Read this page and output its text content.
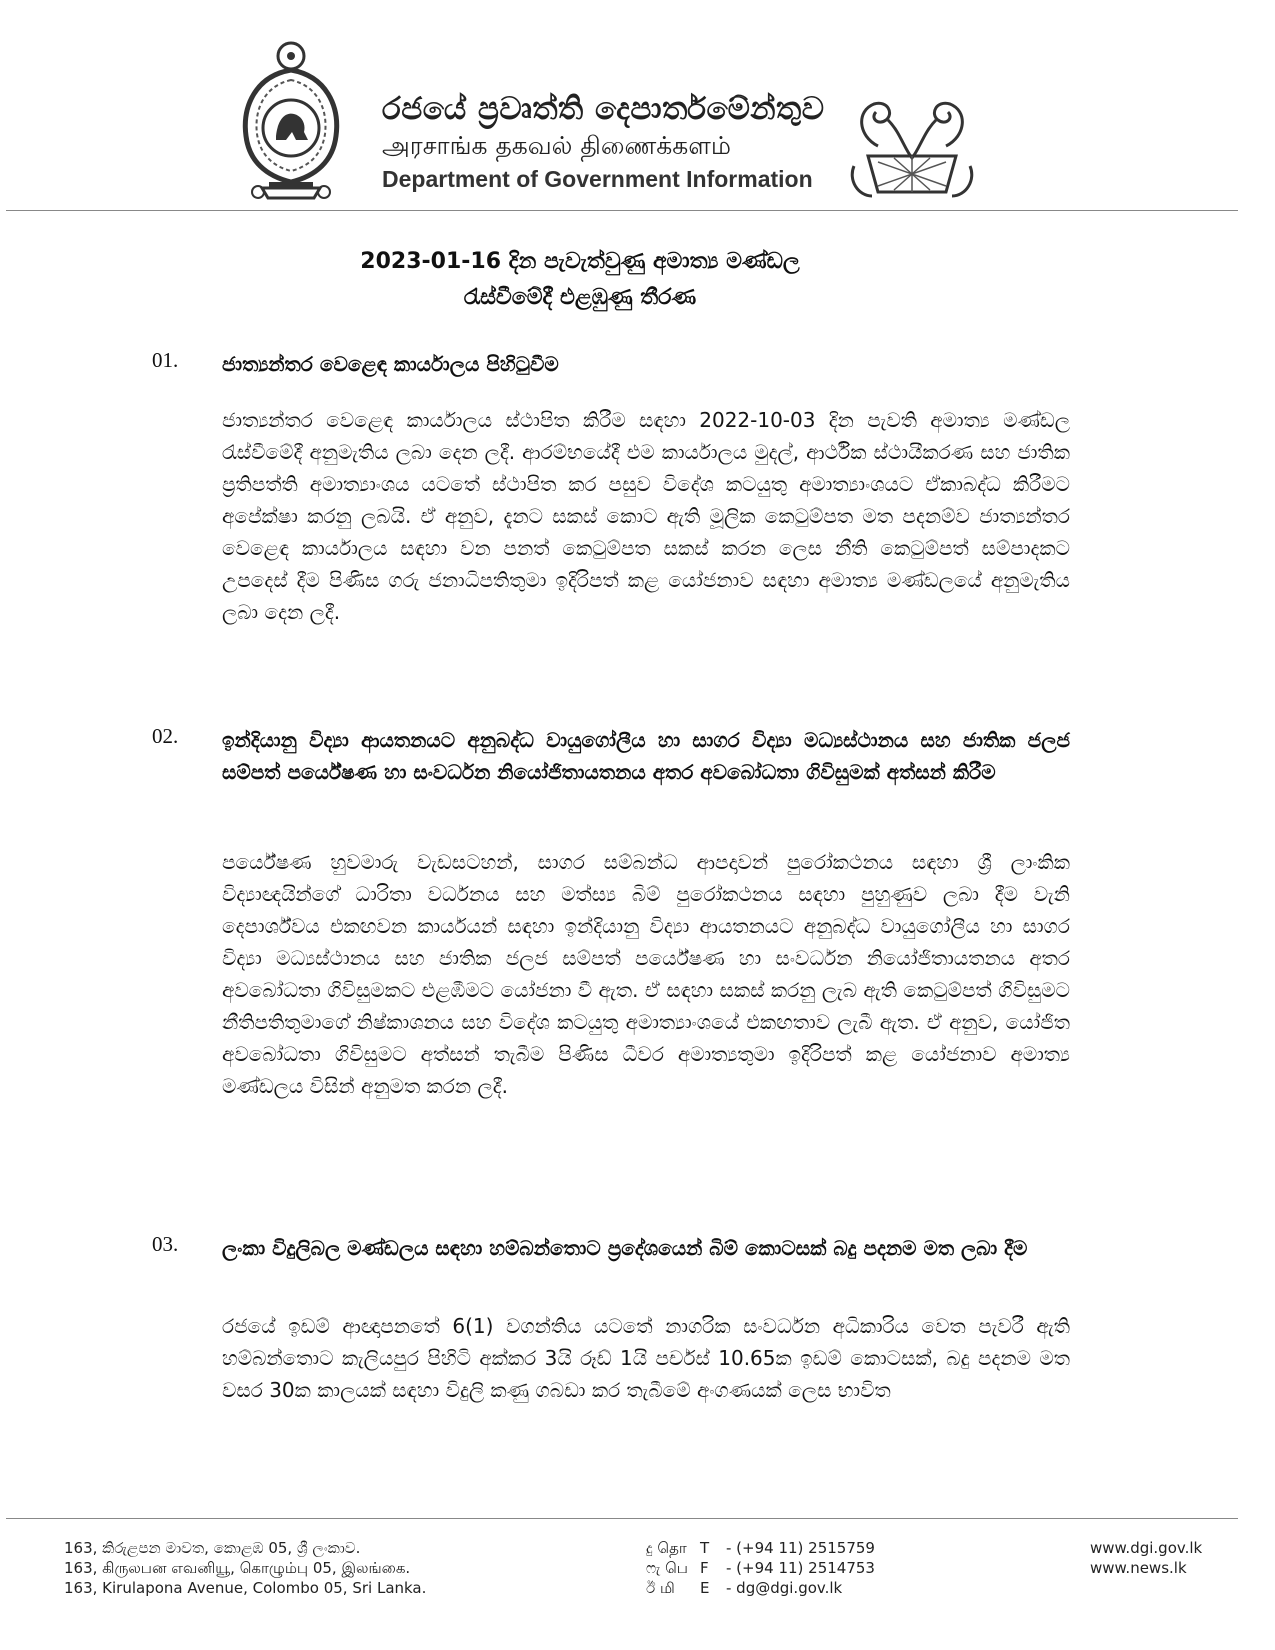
රජයේ ප්‍රවෘත්ති දෙපාර්තමේන්තුව
அரசாங்க தகவல் திணைக்களம்
Department of Government Information
2023-01-16 දින පැවැත්වුණු අමාත්‍ය මණ්ඩල
රැස්වීමේදී එළඹුණු තීරණ
01. ජාත්‍යන්තර වෙළෙඳ කාර්යාලය පිහිටුවීම
ජාත්‍යන්තර වෙළෙඳ කාර්යාලය ස්ථාපිත කිරීම සඳහා 2022-10-03 දින පැවති අමාත්‍ය මණ්ඩල රැස්වීමේදී අනුමැතිය ලබා දෙන ලදී. ආරම්භයේදී එම කාර්යාලය මුදල්, ආර්ථික ස්ථායීකරණ සහ ජාතික ප්‍රතිපත්ති අමාත්‍යාංශය යටතේ ස්ථාපිත කර පසුව විදේශ කටයුතු අමාත්‍යාංශයට ඒකාබද්ධ කිරීමට අපේක්ෂා කරනු ලබයි. ඒ අනුව, දැනට සකස් කොට ඇති මූලික කෙටුම්පත මත පදනම්ව ජාත්‍යන්තර වෙළෙඳ කාර්යාලය සඳහා වන පනත් කෙටුම්පත සකස් කරන ලෙස නීති කෙටුම්පත් සම්පාදකට උපදෙස් දීම පිණිස ගරු ජනාධිපතිතුමා ඉදිරිපත් කළ යෝජනාව සඳහා අමාත්‍ය මණ්ඩලයේ අනුමැතිය ලබා දෙන ලදී.
02. ඉන්දියානු විද්‍යා ආයතනයට අනුබද්ධ වායුගෝලීය හා සාගර විද්‍යා මධ්‍යස්ථානය සහ ජාතික ජලජ සම්පත් පර්යේෂණ හා සංවර්ධන නියෝජිතායතනය අතර අවබෝධතා ගිවිසුමක් අත්සන් කිරීම
පර්යේෂණ හුවමාරු වැඩසටහන්, සාගර සම්බන්ධ ආපදාවන් පුරෝකථනය සඳහා ශ්‍රී ලාංකික විද්‍යාඥයින්ගේ ධාරිතා වර්ධනය සහ මත්ස්‍ය බිම් පුරෝකථනය සඳහා පුහුණුව ලබා දීම වැනි දෙපාර්ශ්වය එකඟවන කාර්යයන් සඳහා ඉන්දියානු විද්‍යා ආයතනයට අනුබද්ධ වායුගෝලීය හා සාගර විද්‍යා මධ්‍යස්ථානය සහ ජාතික ජලජ සම්පත් පර්යේෂණ හා සංවර්ධන නියෝජිතායතනය අතර අවබෝධතා ගිවිසුමකට එළඹීමට යෝජනා වී ඇත. ඒ සඳහා සකස් කරනු ලැබ ඇති කෙටුම්පත් ගිවිසුමට නීතිපතිතුමාගේ නිෂ්කාශනය සහ විදේශ කටයුතු අමාත්‍යාංශයේ එකඟතාව ලැබී ඇත. ඒ අනුව, යෝජිත අවබෝධතා ගිවිසුමට අත්සන් තැබීම පිණිස ධීවර අමාත්‍යතුමා ඉදිරිපත් කළ යෝජනාව අමාත්‍ය මණ්ඩලය විසින් අනුමත කරන ලදී.
03. ලංකා විදුලිබල මණ්ඩලය සඳහා හම්බන්තොට ප්‍රදේශයෙන් බිම් කොටසක් බදු පදනම මත ලබා දීම
රජයේ ඉඩම් ආඥාපනතේ 6(1) වගන්තිය යටතේ නාගරික සංවර්ධන අධිකාරිය වෙත පැවරී ඇති හම්බන්තොට කැලියපුර පිහිටි අක්කර 3යි රූඩ් 1යි පර්චස් 10.65ක ඉඩම් කොටසක්, බදු පදනම මත වසර 30ක කාලයක් සඳහා විදුලි කණු ගබඩා කර තැබීමේ අංගණයක් ලෙස භාවිත
163, කිරුළපන මාවත, කොළඹ 05, ශ්‍රී ලංකාව.
163, கிருலபன எவனியூ, கொழும்பு 05, இலங்கை.
163, Kirulapona Avenue, Colombo 05, Sri Lanka.
දු தொ T - (+94 11) 2515759
ෆැ பெ F - (+94 11) 2514753
ඊ மி E - dg@dgi.gov.lk
www.dgi.gov.lk
www.news.lk
